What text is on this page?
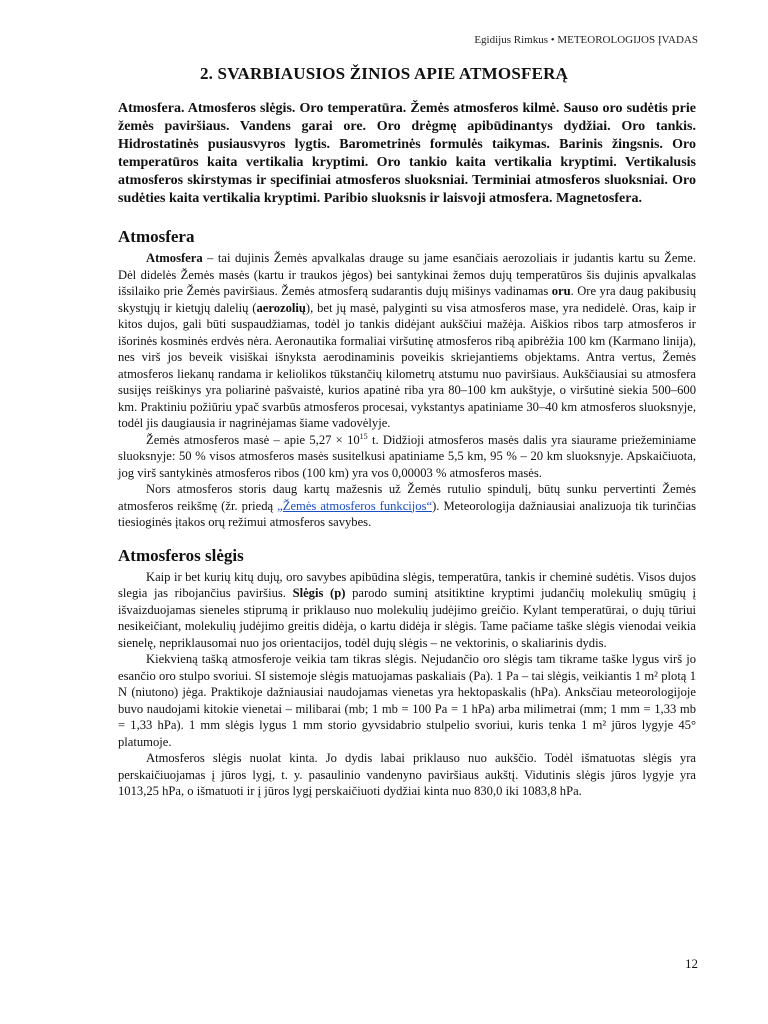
Egidijus Rimkus • METEOROLOGIJOS ĮVADAS
2. SVARBIAUSIOS ŽINIOS APIE ATMOSFERĄ

Atmosfera. Atmosferos slėgis. Oro temperatūra. Žemės atmosferos kilmė. Sauso oro sudėtis prie žemės paviršiaus. Vandens garai ore. Oro drėgmę apibūdinantys dydžiai. Oro tankis. Hidrostatinės pusiausvyros lygtis. Barometrinės formulės taikymas. Barinis žingsnis. Oro temperatūros kaita vertikalia kryptimi. Oro tankio kaita vertikalia kryptimi. Vertikalusis atmosferos skirstymas ir specifiniai atmosferos sluoksniai. Terminiai atmosferos sluoksniai. Oro sudėties kaita vertikalia kryptimi. Paribio sluoksnis ir laisvoji atmosfera. Magnetosfera.

Atmosfera

Atmosfera – tai dujinis Žemės apvalkalas drauge su jame esančiais aerozoliais ir judantis kartu su Žeme. Dėl didelės Žemės masės (kartu ir traukos jėgos) bei santykinai žemos dujų temperatūros šis dujinis apvalkalas išsilaiko prie Žemės paviršiaus. Žemės atmosferą sudarantis dujų mišinys vadinamas oru. Ore yra daug pakibusių skystųjų ir kietųjų dalelių (aerozolių), bet jų masė, palyginti su visa atmosferos mase, yra nedidelė. Oras, kaip ir kitos dujos, gali būti suspaudžiamas, todėl jo tankis didėjant aukščiui mažėja. Aiškios ribos tarp atmosferos ir išorinės kosminės erdvės nėra. Aeronautika formaliai viršutinę atmosferos ribą apibrėžia 100 km (Karmano linija), nes virš jos beveik visiškai išnyksta aerodinaminis poveikis skriejantiems objektams. Antra vertus, Žemės atmosferos liekanų randama ir keliolikos tūkstančių kilometrų atstumu nuo paviršiaus. Aukščiausiai su atmosfera susijęs reiškinys yra poliarinė pašvaistė, kurios apatinė riba yra 80–100 km aukštyje, o viršutinė siekia 500–600 km. Praktiniu požiūriu ypač svarbūs atmosferos procesai, vykstantys apatiniame 30–40 km atmosferos sluoksnyje, todėl jis daugiausia ir nagrinėjamas šiame vadovėlyje.

Žemės atmosferos masė – apie $5,27 \times 10^{15}$ t. Didžioji atmosferos masės dalis yra siaurame priežeminiame sluoksnyje: 50 % visos atmosferos masės susitelkusi apatiniame 5,5 km, 95 % – 20 km sluoksnyje. Apskaičiuota, jog virš santykinės atmosferos ribos (100 km) yra vos 0,00003 % atmosferos masės.

Nors atmosferos storis daug kartų mažesnis už Žemės rutulio spindulį, būtų sunku pervertinti Žemės atmosferos reikšmę (žr. priedą „Žemės atmosferos funkcijos“). Meteorologija dažniausiai analizuoja tik turinčias tiesioginės įtakos orų režimui atmosferos savybes.

Atmosferos slėgis

Kaip ir bet kurių kitų dujų, oro savybes apibūdina slėgis, temperatūra, tankis ir cheminė sudėtis. Visos dujos slegia jas ribojančius paviršius. Slėgis (p) parodo suminį atsitiktine kryptimi judančių molekulių smūgių į išvaizduojamas sieneles stiprumą ir priklauso nuo molekulių judėjimo greičio. Kylant temperatūrai, o dujų tūriui nesikeičiant, molekulių judėjimo greitis didėja, o kartu didėja ir slėgis. Tame pačiame taške slėgis vienodai veikia sienelę, nepriklausomai nuo jos orientacijos, todėl dujų slėgis – ne vektorinis, o skaliarinis dydis.

Kiekvieną tašką atmosferoje veikia tam tikras slėgis. Nejudančio oro slėgis tam tikrame taške lygus virš jo esančio oro stulpo svoriui. SI sistemoje slėgis matuojamas paskaliais (Pa). 1 Pa – tai slėgis, veikiantis 1 m² plotą 1 N (niutono) jėga. Praktikoje dažniausiai naudojamas vienetas yra hektopaskalis (hPa). Anksčiau meteorologijoje buvo naudojami kitokie vienetai – milibarai (mb; 1 mb = 100 Pa = 1 hPa) arba milimetrai (mm; 1 mm = 1,33 mb = 1,33 hPa). 1 mm slėgis lygus 1 mm storio gyvsidabrio stulpelio svoriui, kuris tenka 1 m² jūros lygyje 45° platumoje.

Atmosferos slėgis nuolat kinta. Jo dydis labai priklauso nuo aukščio. Todėl išmatuotas slėgis yra perskaičiuojamas į jūros lygį, t. y. pasaulinio vandenyno paviršiaus aukštį. Vidutinis slėgis jūros lygyje yra 1013,25 hPa, o išmatuoti ir į jūros lygį perskaičiuoti dydžiai kinta nuo 830,0 iki 1083,8 hPa.

12
